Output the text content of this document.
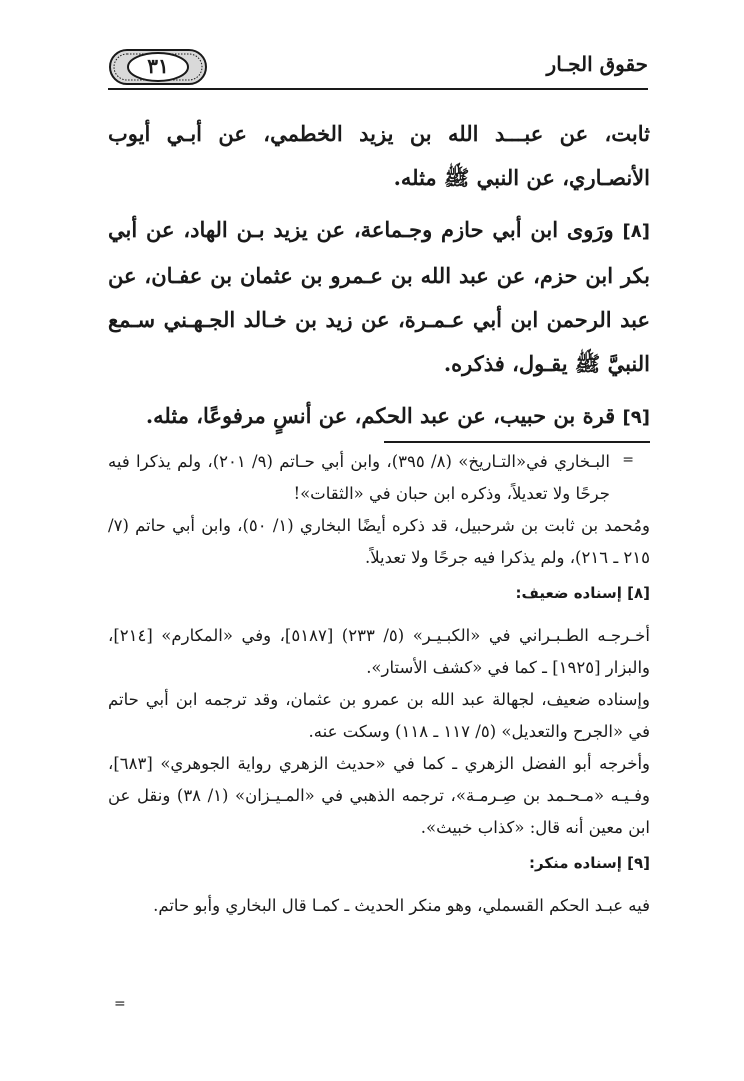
حقوق الجـار
٣١

ثابت، عن عبـــد الله بن يزيد الخطمي، عن أبـي أيوب الأنصـاري، عن النبي ﷺ مثله.

[٨] ورَوى ابن أبي حازم وجـماعة، عن يزيد بـن الهاد، عن أبي بكر ابن حزم، عن عبد الله بن عـمرو بن عثمان بن عفـان، عن عبد الرحمن ابن أبي عـمـرة، عن زيد بن خـالد الجـهـني سـمع النبيَّ ﷺ يقـول، فذكره.

[٩] قرة بن حبيب، عن عبد الحكم، عن أنسٍ مرفوعًا، مثله.

=

البـخاري في«التـاريخ» (٨/ ٣٩٥)، وابن أبي حـاتم (٩/ ٢٠١)، ولم يذكرا فيه جرحًا ولا تعديلاً، وذكره ابن حبان في «الثقات»!

ومُحمد بن ثابت بن شرحبيل، قد ذكره أيضًا البخاري (١/ ٥٠)، وابن أبي حاتم (٧/ ٢١٥ ـ ٢١٦)، ولم يذكرا فيه جرحًا ولا تعديلاً.

[٨] إسناده ضعيف:

أخـرجـه الطـبـراني في «الكبـيـر» (٥/ ٢٣٣) [٥١٨٧]، وفي «المكارم» [٢١٤]، والبزار [١٩٢٥] ـ كما في «كشف الأستار».

وإسناده ضعيف، لجهالة عبد الله بن عمرو بن عثمان، وقد ترجمه ابن أبي حاتم في «الجرح والتعديل» (٥/ ١١٧ ـ ١١٨) وسكت عنه.

وأخرجه أبو الفضل الزهري ـ كما في «حديث الزهري رواية الجوهري» [٦٨٣]، وفـيـه «مـحـمد بن صِـرمـة»، ترجمه الذهبي في «المـيـزان» (١/ ٣٨) ونقل عن ابن معين أنه قال: «كذاب خبيث».

[٩] إسناده منكر:

فيه عبـد الحكم القسملي، وهو منكر الحديث ـ كمـا قال البخاري وأبو حاتم.

=
